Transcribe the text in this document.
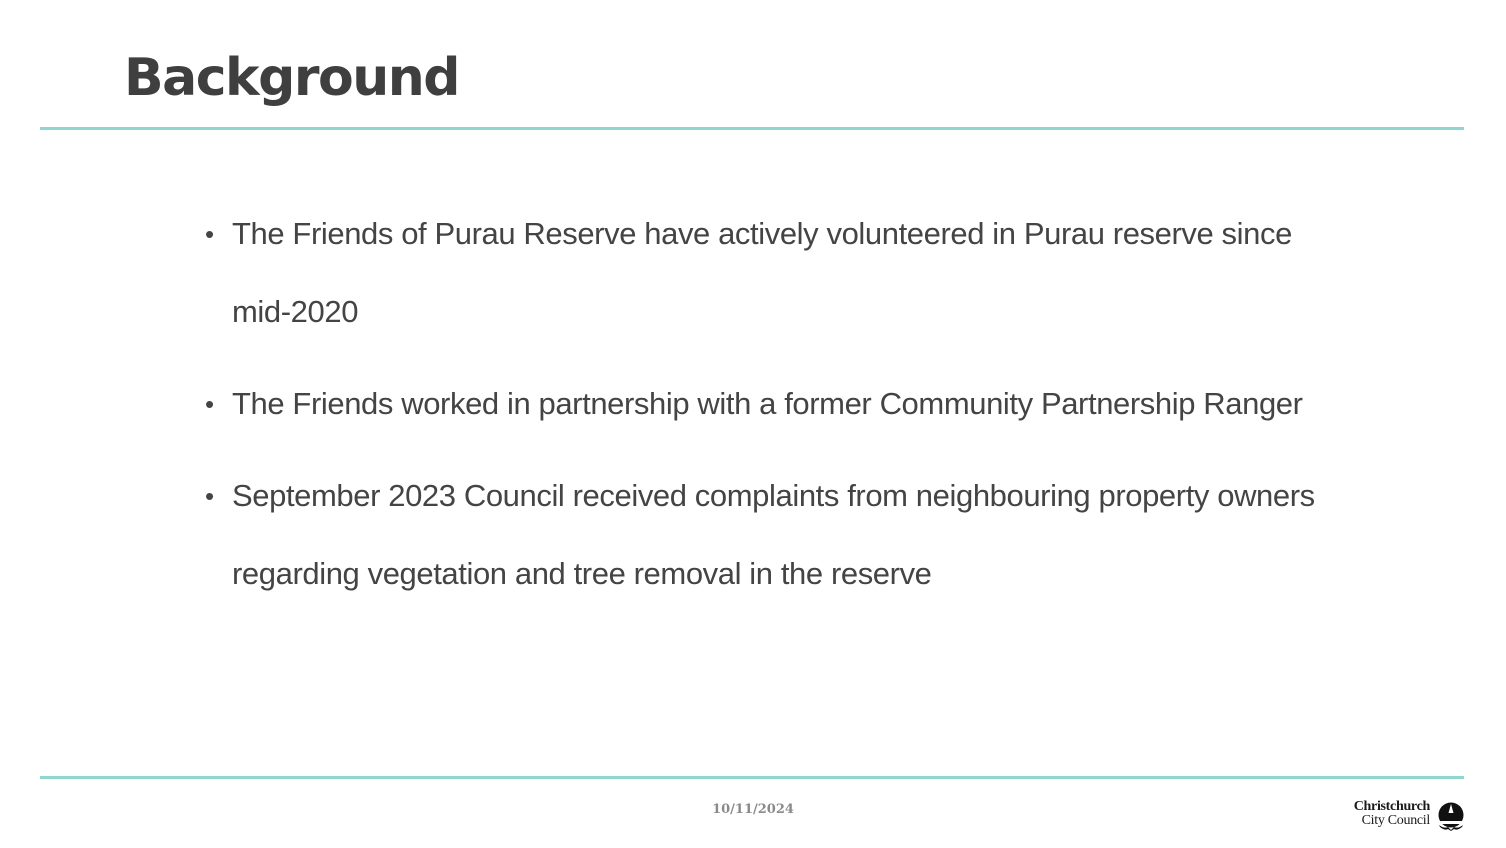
Background
• The Friends of Purau Reserve have actively volunteered in Purau reserve since mid-2020
• The Friends worked in partnership with a former Community Partnership Ranger
• September 2023 Council received complaints from neighbouring property owners regarding vegetation and tree removal in the reserve
10/11/2024	Christchurch
City Council
